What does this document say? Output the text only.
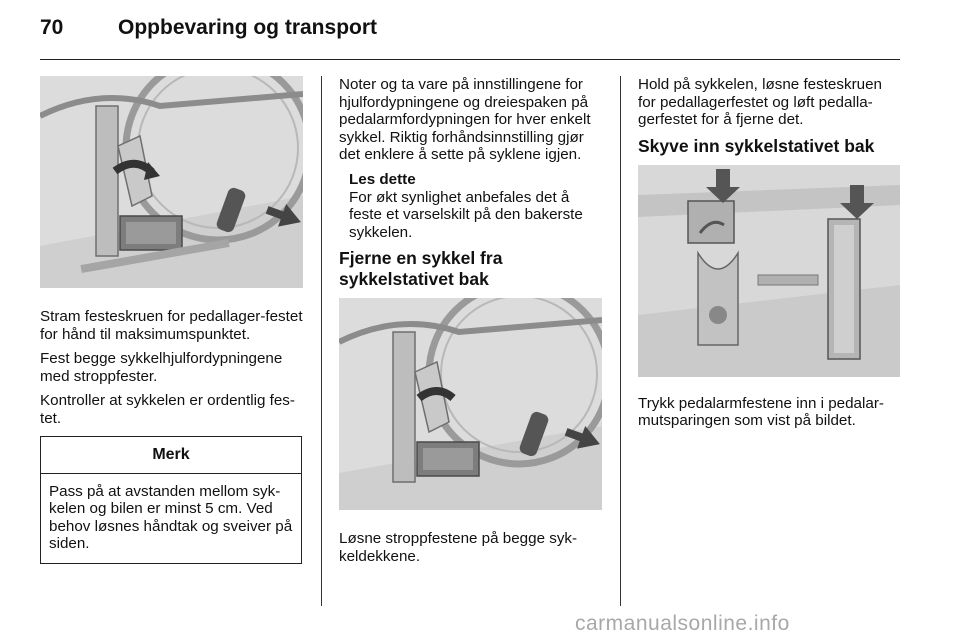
70	Oppbevaring og transport

Stram festeskruen for pedallager-festet for hånd til maksimumspunktet.

Fest begge sykkelhjulfordypningene med stroppfester.

Kontroller at sykkelen er ordentlig fes-tet.

Merk
Pass på at avstanden mellom syk-kelen og bilen er minst 5 cm. Ved behov løsnes håndtak og sveiver på siden.

Noter og ta vare på innstillingene for hjulfordypningene og dreiespaken på pedalarmfordypningen for hver enkelt sykkel. Riktig forhåndsinnstilling gjør det enklere å sette på syklene igjen.

Les dette
For økt synlighet anbefales det å feste et varselskilt på den bakerste sykkelen.
Fjerne en sykkel fra sykkelstativet bak

Løsne stroppfestene på begge syk-keldekkene.

Hold på sykkelen, løsne festeskruen for pedallagerfestet og løft pedalla-gerfestet for å fjerne det.

Skyve inn sykkelstativet bak

Trykk pedalarmfestene inn i pedalar-mutsparingen som vist på bildet.

carmanualsonline.info
